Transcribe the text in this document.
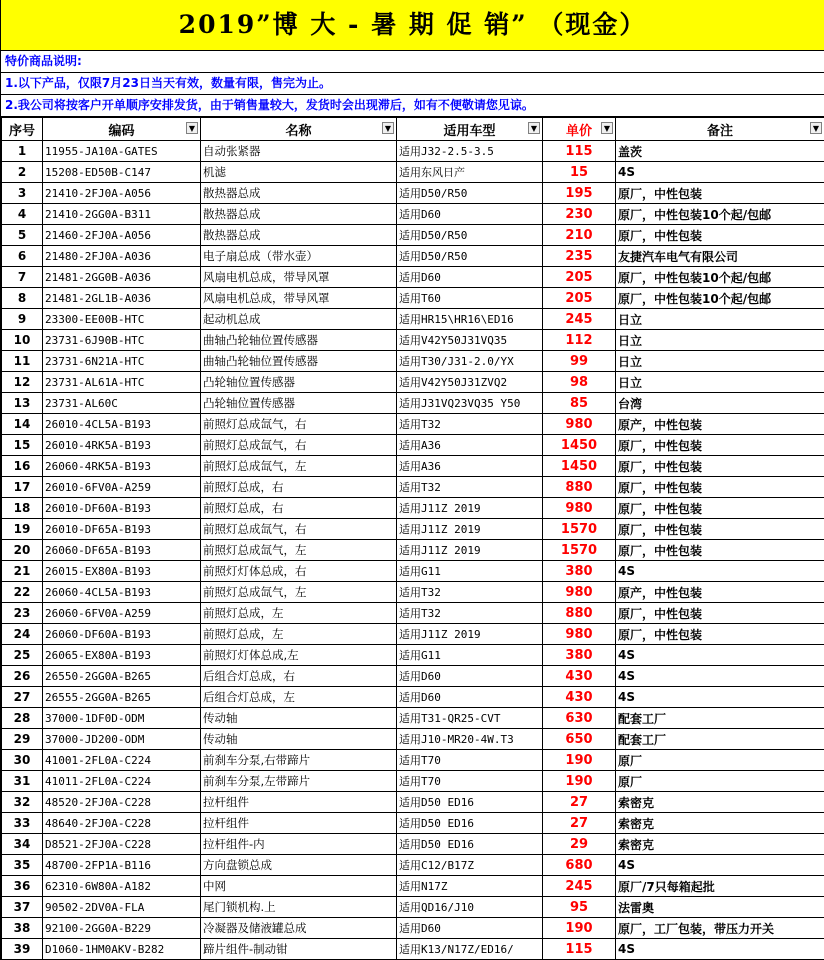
2019”博 大 - 暑 期 促 销” （现金）
特价商品说明:
1.以下产品，仅限7月23日当天有效，数量有限，售完为止。
2.我公司将按客户开单顺序安排发货，由于销售量较大，发货时会出现滞后，如有不便敬请您见谅。
序号	编码 ▼	名称 ▼	适用车型 ▼	单价 ▼	备注 ▼

1	11955-JA10A-GATES	自动张紧器	适用J32-2.5-3.5	115	盖茨
2	15208-ED50B-C147	机滤	适用东风日产	15	4S
3	21410-2FJ0A-A056	散热器总成	适用D50/R50	195	原厂，中性包装
4	21410-2GG0A-B311	散热器总成	适用D60	230	原厂，中性包装10个起/包邮
5	21460-2FJ0A-A056	散热器总成	适用D50/R50	210	原厂，中性包装
6	21480-2FJ0A-A036	电子扇总成（带水壶）	适用D50/R50	235	友捷汽车电气有限公司
7	21481-2GG0B-A036	风扇电机总成，带导风罩	适用D60	205	原厂，中性包装10个起/包邮
8	21481-2GL1B-A036	风扇电机总成，带导风罩	适用T60	205	原厂，中性包装10个起/包邮
9	23300-EE00B-HTC	起动机总成	适用HR15\HR16\ED16	245	日立
10	23731-6J90B-HTC	曲轴凸轮轴位置传感器	适用V42Y50J31VQ35	112	日立
11	23731-6N21A-HTC	曲轴凸轮轴位置传感器	适用T30/J31-2.0/YX	99	日立
12	23731-AL61A-HTC	凸轮轴位置传感器	适用V42Y50J31ZVQ2	98	日立
13	23731-AL60C	凸轮轴位置传感器	适用J31VQ23VQ35 Y50	85	台湾
14	26010-4CL5A-B193	前照灯总成氙气，右	适用T32	980	原产，中性包装
15	26010-4RK5A-B193	前照灯总成氙气，右	适用A36	1450	原厂，中性包装
16	26060-4RK5A-B193	前照灯总成氙气，左	适用A36	1450	原厂，中性包装
17	26010-6FV0A-A259	前照灯总成，右	适用T32	880	原厂，中性包装
18	26010-DF60A-B193	前照灯总成，右	适用J11Z 2019	980	原厂，中性包装
19	26010-DF65A-B193	前照灯总成氙气，右	适用J11Z 2019	1570	原厂，中性包装
20	26060-DF65A-B193	前照灯总成氙气，左	适用J11Z 2019	1570	原厂，中性包装
21	26015-EX80A-B193	前照灯灯体总成，右	适用G11	380	4S
22	26060-4CL5A-B193	前照灯总成氙气，左	适用T32	980	原产，中性包装
23	26060-6FV0A-A259	前照灯总成，左	适用T32	880	原厂，中性包装
24	26060-DF60A-B193	前照灯总成，左	适用J11Z 2019	980	原厂，中性包装
25	26065-EX80A-B193	前照灯灯体总成,左	适用G11	380	4S
26	26550-2GG0A-B265	后组合灯总成，右	适用D60	430	4S
27	26555-2GG0A-B265	后组合灯总成，左	适用D60	430	4S
28	37000-1DF0D-ODM	传动轴	适用T31-QR25-CVT	630	配套工厂
29	37000-JD200-ODM	传动轴	适用J10-MR20-4W.T3	650	配套工厂
30	41001-2FL0A-C224	前刹车分泵,右带蹄片	适用T70	190	原厂
31	41011-2FL0A-C224	前刹车分泵,左带蹄片	适用T70	190	原厂
32	48520-2FJ0A-C228	拉杆组件	适用D50 ED16	27	索密克
33	48640-2FJ0A-C228	拉杆组件	适用D50 ED16	27	索密克
34	D8521-2FJ0A-C228	拉杆组件-内	适用D50 ED16	29	索密克
35	48700-2FP1A-B116	方向盘锁总成	适用C12/B17Z	680	4S
36	62310-6W80A-A182	中网	适用N17Z	245	原厂/7只每箱起批
37	90502-2DV0A-FLA	尾门锁机构.上	适用QD16/J10	95	法雷奥
38	92100-2GG0A-B229	冷凝器及储液罐总成	适用D60	190	原厂，工厂包装，带压力开关
39	D1060-1HM0AKV-B282	蹄片组件-制动钳	适用K13/N17Z/ED16/	115	4S
